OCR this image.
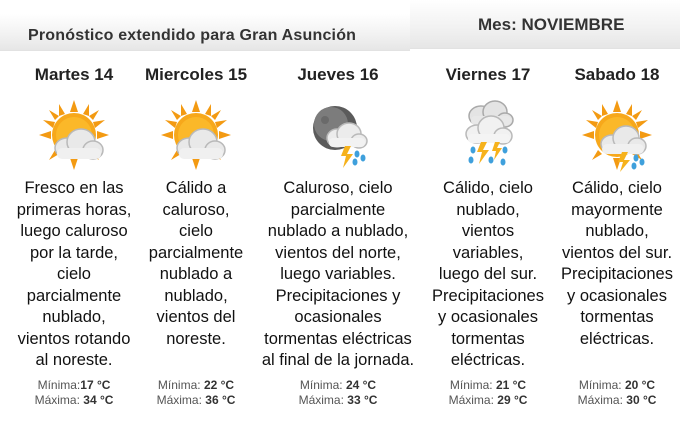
Pronóstico extendido para Gran Asunción
Mes: NOVIEMBRE
Martes 14
Fresco en las
primeras horas,
luego caluroso
por la tarde,
cielo
parcialmente
nublado,
vientos rotando
al noreste.
Mínima:17 °C
Máxima: 34 °C
Miercoles 15
Cálido a
caluroso,
cielo
parcialmente
nublado a
nublado,
vientos del
noreste.
Mínima: 22 °C
Máxima: 36 °C
Jueves 16
Caluroso, cielo
parcialmente
nublado a nublado,
vientos del norte,
luego variables.
Precipitaciones y
ocasionales
tormentas eléctricas
al final de la jornada.
Mínima: 24 °C
Máxima: 33 °C
Viernes 17
Cálido, cielo
nublado,
vientos
variables,
luego del sur.
Precipitaciones
y ocasionales
tormentas
eléctricas.
Mínima: 21 °C
Máxima: 29 °C
Sabado 18
Cálido, cielo
mayormente
nublado,
vientos del sur.
Precipitaciones
y ocasionales
tormentas
eléctricas.
Mínima: 20 °C
Máxima: 30 °C
